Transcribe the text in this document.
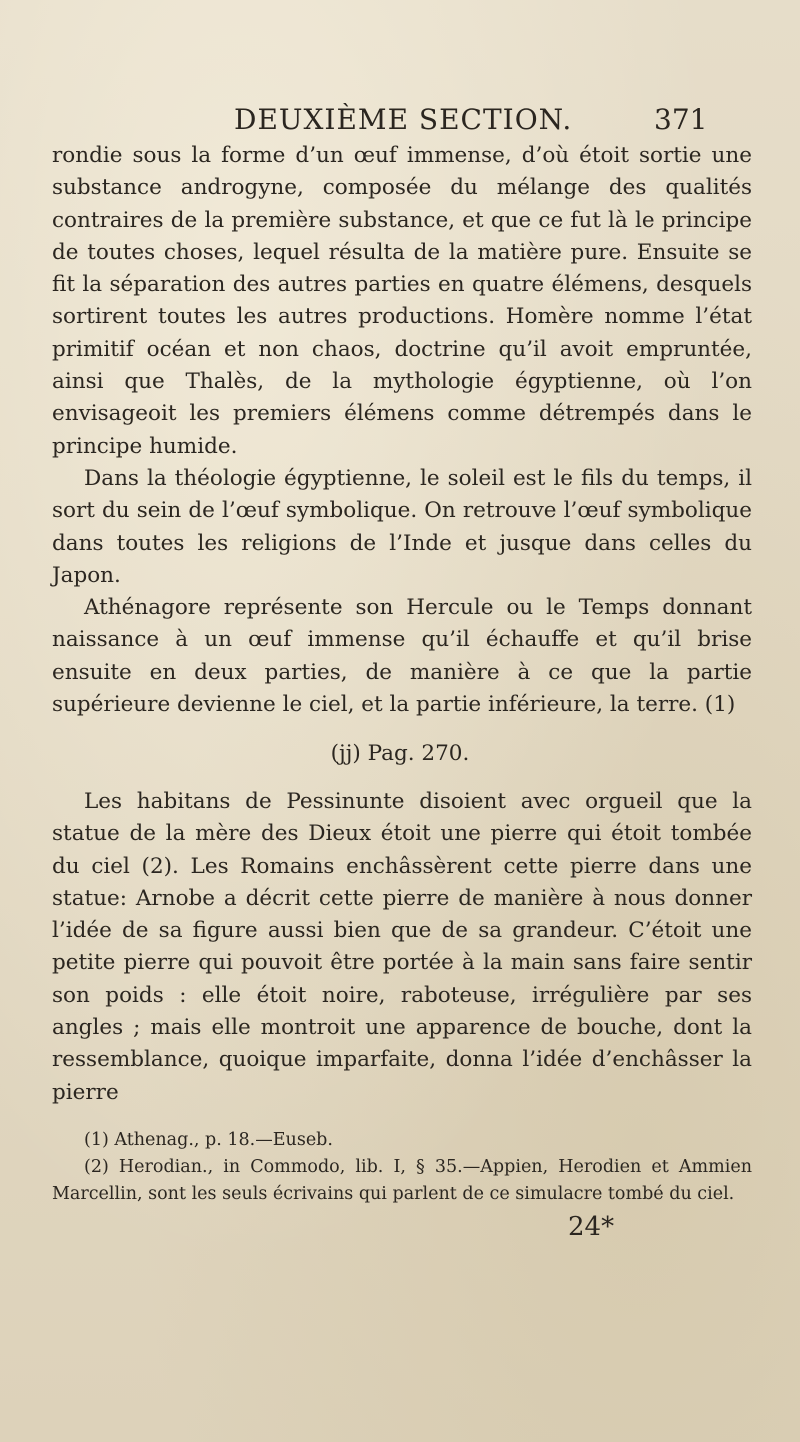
DEUXIÈME SECTION.	371

rondie sous la forme d’un œuf immense, d’où étoit sortie une substance androgyne, composée du mélange des qualités contraires de la première substance, et que ce fut là le principe de toutes choses, lequel résulta de la matière pure. Ensuite se fit la séparation des autres parties en quatre élémens, desquels sortirent toutes les autres productions. Homère nomme l’état primitif océan et non chaos, doctrine qu’il avoit empruntée, ainsi que Thalès, de la mythologie égyptienne, où l’on envisageoit les premiers élémens comme détrempés dans le principe humide.

Dans la théologie égyptienne, le soleil est le fils du temps, il sort du sein de l’œuf symbolique. On retrouve l’œuf symbolique dans toutes les religions de l’Inde et jusque dans celles du Japon.

Athénagore représente son Hercule ou le Temps donnant naissance à un œuf immense qu’il échauffe et qu’il brise ensuite en deux parties, de manière à ce que la partie supérieure devienne le ciel, et la partie inférieure, la terre. (1)

(jj) Pag. 270.

Les habitans de Pessinunte disoient avec orgueil que la statue de la mère des Dieux étoit une pierre qui étoit tombée du ciel (2). Les Romains enchâssèrent cette pierre dans une statue: Arnobe a décrit cette pierre de manière à nous donner l’idée de sa figure aussi bien que de sa grandeur. C’étoit une petite pierre qui pouvoit être portée à la main sans faire sentir son poids : elle étoit noire, raboteuse, irrégulière par ses angles ; mais elle montroit une apparence de bouche, dont la ressemblance, quoique imparfaite, donna l’idée d’enchâsser la pierre

(1) Athenag., p. 18.—Euseb.

(2) Herodian., in Commodo, lib. I, § 35.—Appien, Herodien et Ammien Marcellin, sont les seuls écrivains qui parlent de ce simulacre tombé du ciel.

24*
